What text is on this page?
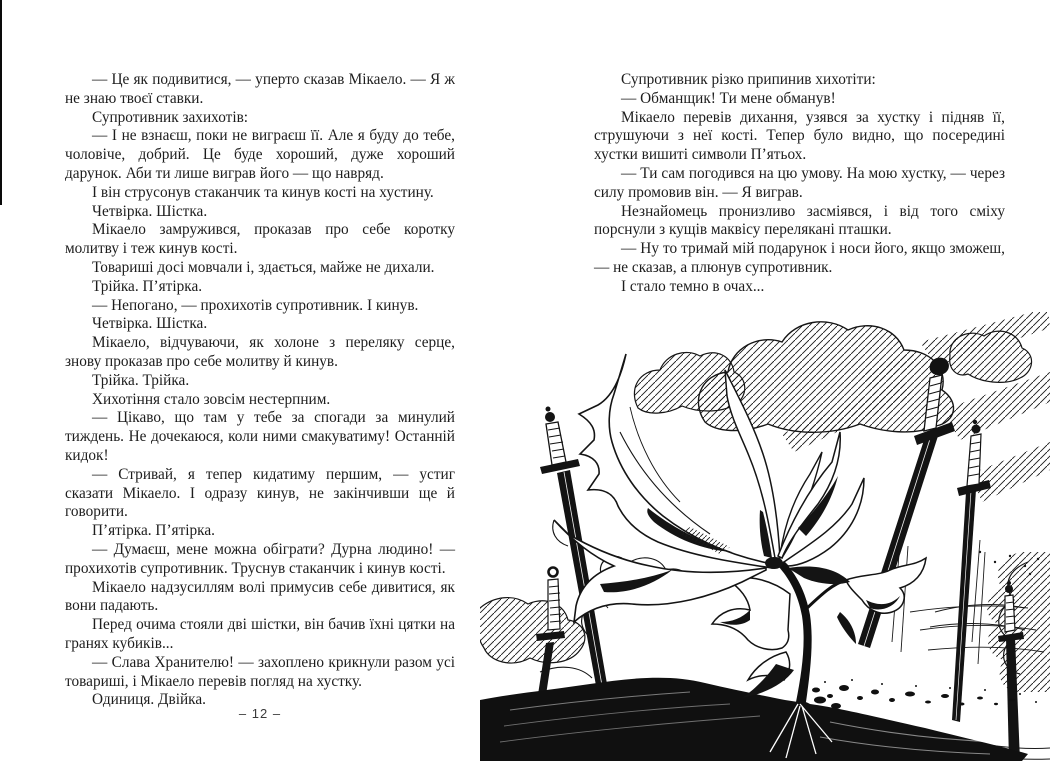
— Це як подивитися, — уперто сказав Мікаело. — Я ж не знаю твоєї ставки.

Супротивник захихотів:

— І не взнаєш, поки не виграєш її. Але я буду до тебе, чоловіче, добрий. Це буде хороший, дуже хороший дарунок. Аби ти лише виграв його — що навряд.

І він струсонув стаканчик та кинув кості на хустину.

Четвірка. Шістка.

Мікаело замружився, проказав про себе коротку молитву і теж кинув кості.

Товариші досі мовчали і, здається, майже не дихали.

Трійка. П’ятірка.

— Непогано, — прохихотів супротивник. І кинув.

Четвірка. Шістка.

Мікаело, відчуваючи, як холоне з переляку серце, знову проказав про себе молитву й кинув.

Трійка. Трійка.

Хихотіння стало зовсім нестерпним.

— Цікаво, що там у тебе за спогади за минулий тиждень. Не дочекаюся, коли ними смакуватиму! Останній кидок!

— Стривай, я тепер кидатиму першим, — устиг сказати Мікаело. І одразу кинув, не закінчивши ще й говорити.

П’ятірка. П’ятірка.

— Думаєш, мене можна обіграти? Дурна людино! — прохихотів супротивник. Труснув стаканчик і кинув кості.

Мікаело надзусиллям волі примусив себе дивитися, як вони падають.

Перед очима стояли дві шістки, він бачив їхні цятки на гранях кубиків...

— Слава Хранителю! — захоплено крикнули разом усі товариші, і Мікаело перевів погляд на хустку.

Одиниця. Двійка.

– 12 –

Супротивник різко припинив хихотіти:

— Обманщик! Ти мене обманув!

Мікаело перевів дихання, узявся за хустку і підняв її, струшуючи з неї кості. Тепер було видно, що посередині хустки вишиті символи П’ятьох.

— Ти сам погодився на цю умову. На мою хустку, — через силу промовив він. — Я виграв.

Незнайомець пронизливо засміявся, і від того сміху порснули з кущів маквісу перелякані пташки.

— Ну то тримай мій подарунок і носи його, якщо зможеш, — не сказав, а плюнув супротивник.

І стало темно в очах...
